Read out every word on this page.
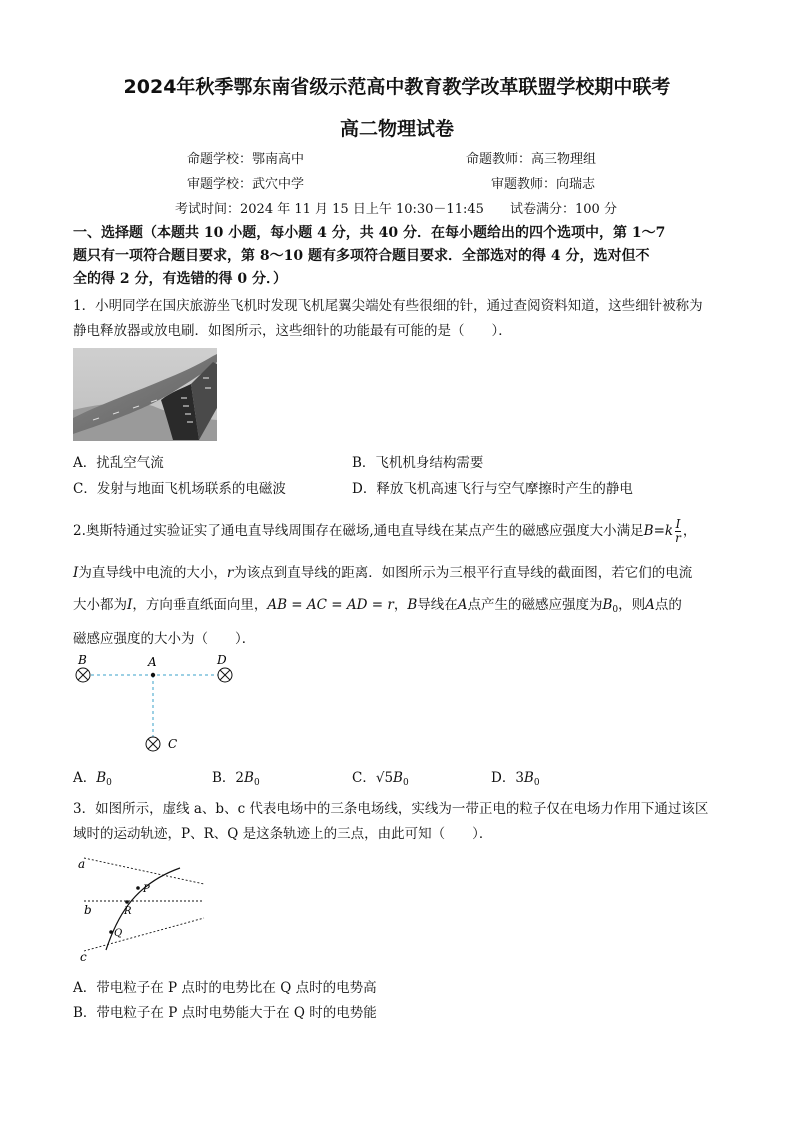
2024年秋季鄂东南省级示范高中教育教学改革联盟学校期中联考
高二物理试卷
命题学校：鄂南高中	命题教师：高三物理组
审题学校：武穴中学	审题教师：向瑞志
考试时间：2024 年 11 月 15 日上午 10:30－11:45 试卷满分：100 分
一、选择题（本题共 10 小题，每小题 4 分，共 40 分．在每小题给出的四个选项中，第 1～7
题只有一项符合题目要求，第 8～10 题有多项符合题目要求．全部选对的得 4 分，选对但不
全的得 2 分，有选错的得 0 分．）
1．小明同学在国庆旅游坐飞机时发现飞机尾翼尖端处有些很细的针，通过查阅资料知道，这些细针被称为
静电释放器或放电刷．如图所示，这些细针的功能最有可能的是（　　）．
A．扰乱空气流	B．飞机机身结构需要
C．发射与地面飞机场联系的电磁波	D．释放飞机高速飞行与空气摩擦时产生的静电
2.奥斯特通过实验证实了通电直导线周围存在磁场,通电直导线在某点产生的磁感应强度大小满足 B = k $\frac{I}{r}$ ，
I为直导线中电流的大小，r为该点到直导线的距离．如图所示为三根平行直导线的截面图，若它们的电流
大小都为I，方向垂直纸面向里，AB = AC = AD = r，B导线在A点产生的磁感应强度为$B_0$，则A点的
磁感应强度的大小为（　　）．
B	A	D
C
A．$B_0$	B．$2B_0$	C．$√5B_0$	D．$3B_0$
3．如图所示，虚线 a、b、c 代表电场中的三条电场线，实线为一带正电的粒子仅在电场力作用下通过该区
域时的运动轨迹，P、R、Q 是这条轨迹上的三点，由此可知（　　）．
a
b
c
P
R
Q
A．带电粒子在 P 点时的电势比在 Q 点时的电势高
B．带电粒子在 P 点时电势能大于在 Q 时的电势能
